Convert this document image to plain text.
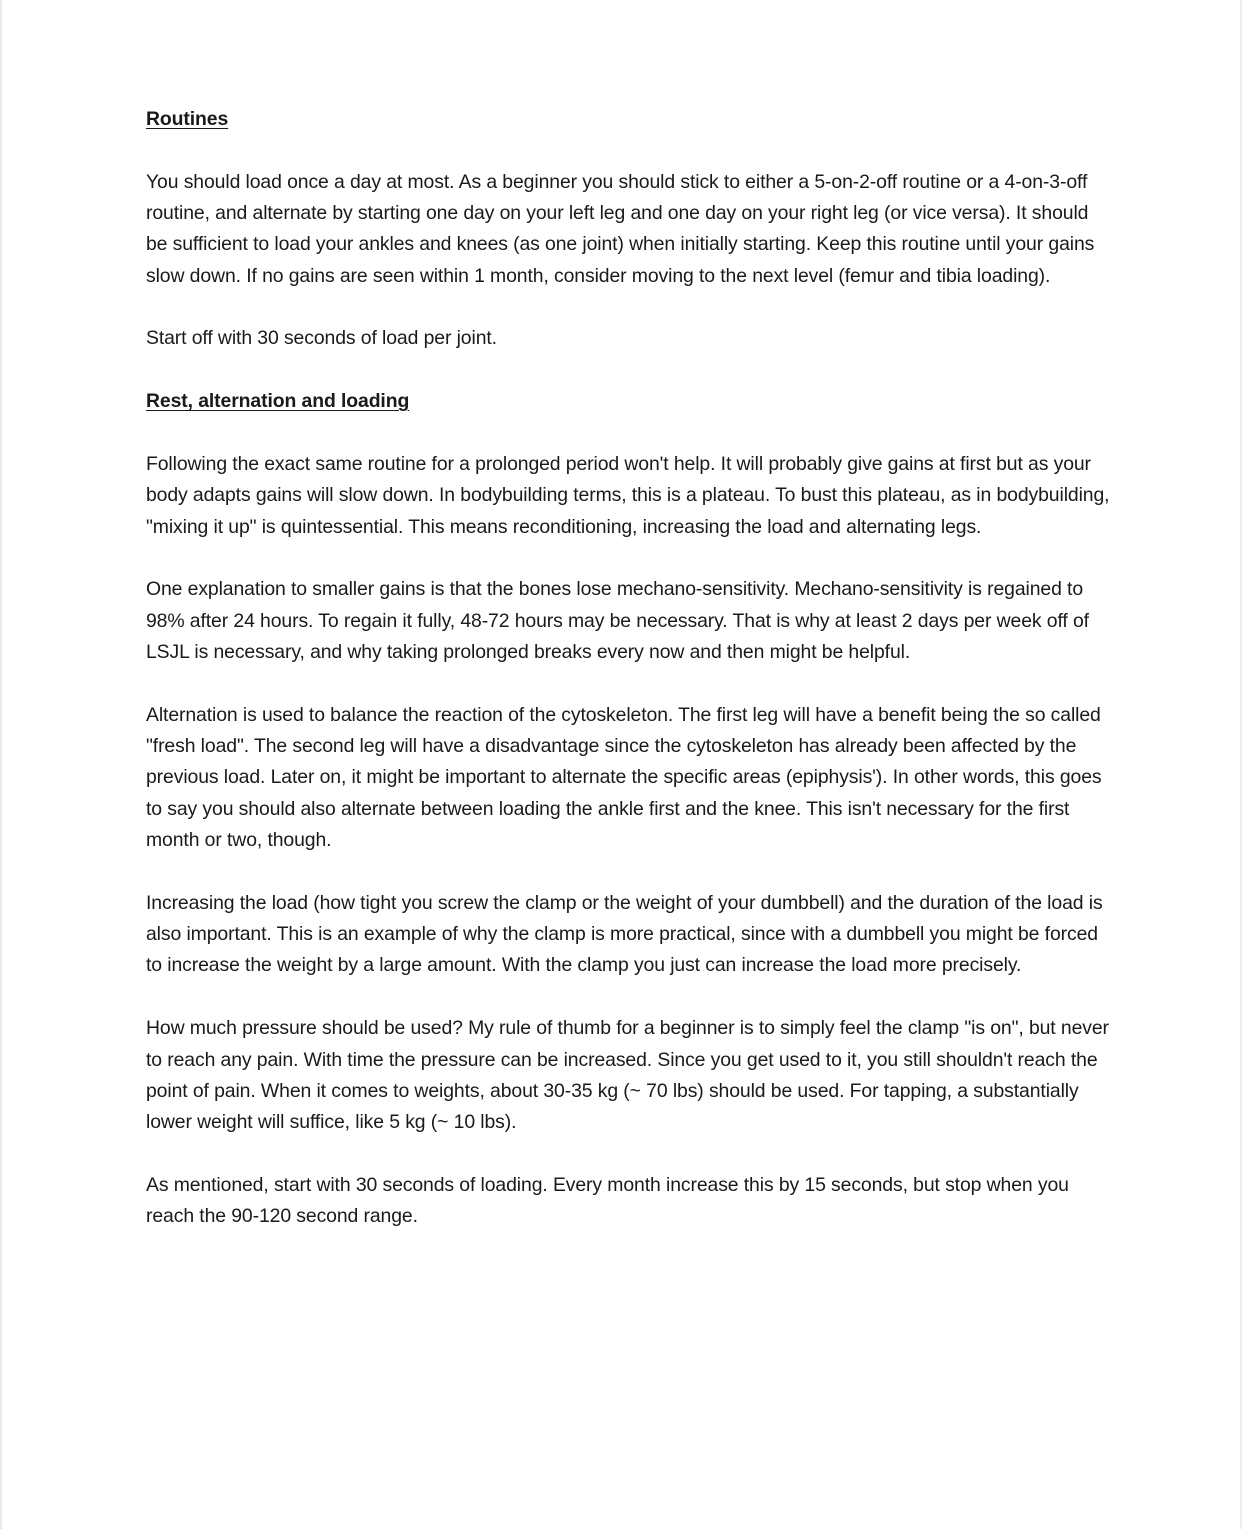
Routines

You should load once a day at most. As a beginner you should stick to either a 5-on-2-off routine or a 4-on-3-off routine, and alternate by starting one day on your left leg and one day on your right leg (or vice versa). It should be sufficient to load your ankles and knees (as one joint) when initially starting. Keep this routine until your gains slow down. If no gains are seen within 1 month, consider moving to the next level (femur and tibia loading).

Start off with 30 seconds of load per joint.

Rest, alternation and loading

Following the exact same routine for a prolonged period won't help. It will probably give gains at first but as your body adapts gains will slow down. In bodybuilding terms, this is a plateau. To bust this plateau, as in bodybuilding, "mixing it up" is quintessential. This means reconditioning, increasing the load and alternating legs.

One explanation to smaller gains is that the bones lose mechano-sensitivity. Mechano-sensitivity is regained to 98% after 24 hours. To regain it fully, 48-72 hours may be necessary. That is why at least 2 days per week off of LSJL is necessary, and why taking prolonged breaks every now and then might be helpful.

Alternation is used to balance the reaction of the cytoskeleton. The first leg will have a benefit being the so called "fresh load". The second leg will have a disadvantage since the cytoskeleton has already been affected by the previous load. Later on, it might be important to alternate the specific areas (epiphysis'). In other words, this goes to say you should also alternate between loading the ankle first and the knee. This isn't necessary for the first month or two, though.

Increasing the load (how tight you screw the clamp or the weight of your dumbbell) and the duration of the load is also important. This is an example of why the clamp is more practical, since with a dumbbell you might be forced to increase the weight by a large amount. With the clamp you just can increase the load more precisely.

How much pressure should be used? My rule of thumb for a beginner is to simply feel the clamp "is on", but never to reach any pain. With time the pressure can be increased. Since you get used to it, you still shouldn't reach the point of pain. When it comes to weights, about 30-35 kg (~ 70 lbs) should be used. For tapping, a substantially lower weight will suffice, like 5 kg (~ 10 lbs).

As mentioned, start with 30 seconds of loading. Every month increase this by 15 seconds, but stop when you reach the 90-120 second range.
